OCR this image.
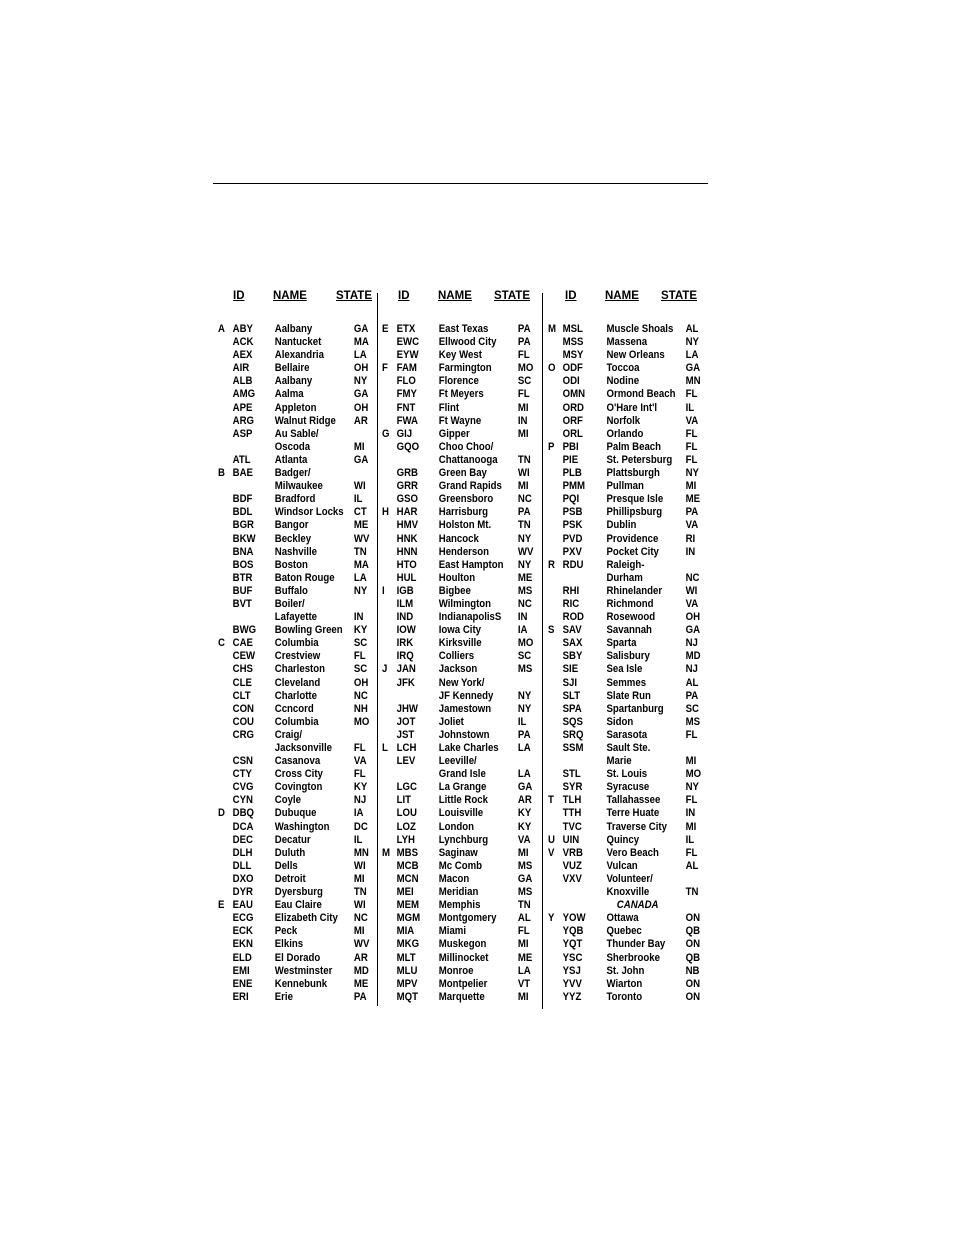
ID NAME	STATE
A ABY Aalbany	GA
ACK Nantucket	MA
AEX Alexandria	LA
AIR Bellaire	OH
ALB Aalbany	NY
AMG Aalma	GA
APE Appleton	OH
ARG Walnut Ridge AR
ASP Au Sable/
Oscoda	MI
ATL Atlanta	GA
B BAE Badger/
Milwaukee	WI
BDF Bradford	IL
BDL Windsor Locks CT
BGR Bangor	ME
BKW Beckley	WV
BNA Nashville	TN
BOS Boston	MA
BTR Baton Rouge LA
BUF Buffalo	NY
BVT Boiler/
Lafayette	IN
BWG Bowling Green KY
C CAE Columbia	SC
CEW Crestview	FL
CHS Charleston	SC
CLE Cleveland	OH
CLT Charlotte	NC
CON Ccncord	NH
COU Columbia	MO
CRG Craig/
Jacksonville FL
CSN Casanova	VA
CTY Cross City	FL
CVG Covington	KY
CYN Coyle	NJ
D DBQ Dubuque	IA
DCA Washington DC
DEC Decatur	IL
DLH Duluth	MN
DLL Dells	WI
DXO Detroit	MI
DYR Dyersburg	TN
E EAU Eau Claire	WI
ECG Elizabeth City NC
ECK Peck	MI
EKN Elkins	WV
ELD El Dorado	AR
EMI Westminster MD
ENE Kennebunk ME
ERI Erie	PA
ID NAME STATE
E ETX East Texas	PA
EWC Ellwood City PA
EYW Key West	FL
F FAM Farmington MO
FLO Florence	SC
FMY Ft Meyers	FL
FNT Flint	MI
FWA Ft Wayne	IN
G GIJ Gipper	MI
GQO Choo Choo/
Chattanooga TN
GRB Green Bay	WI
GRR Grand Rapids MI
GSO Greensboro NC
H HAR Harrisburg	PA
HMV Holston Mt. TN
HNK Hancock	NY
HNN Henderson	WV
HTO East Hampton NY
HUL Houlton	ME
I IGB Bigbee	MS
ILM Wilmington NC
IND IndianapolisS IN
IOW Iowa City	IA
IRK Kirksville	MO
IRQ Colliers	SC
J JAN Jackson	MS
JFK New York/
JF Kennedy NY
JHW Jamestown NY
JOT Joliet	IL
JST Johnstown	PA
L LCH Lake Charles LA
LEV Leeville/
Grand Isle	LA
LGC La Grange	GA
LIT Little Rock	AR
LOU Louisville	KY
LOZ London	KY
LYH Lynchburg	VA
M MBS Saginaw	MI
MCB Mc Comb	MS
MCN Macon	GA
MEI Meridian	MS
MEM Memphis	TN
MGM Montgomery AL
MIA Miami	FL
MKG Muskegon	MI
MLT Millinocket	ME
MLU Monroe	LA
MPV Montpelier	VT
MQT Marquette	MI
ID NAME STATE
M MSL Muscle Shoals AL
MSS Massena	NY
MSY New Orleans LA
O ODF Toccoa	GA
ODI Nodine	MN
OMN Ormond Beach FL
ORD O'Hare Int'l	IL
ORF Norfolk	VA
ORL Orlando	FL
P PBI Palm Beach FL
PIE	St. Petersburg FL
PLB Plattsburgh NY
PMM Pullman	MI
PQI Presque Isle ME
PSB Phillipsburg PA
PSK Dublin	VA
PVD Providence RI
PXV Pocket City IN
R RDU Raleigh-
Durham	NC
RHI Rhinelander WI
RIC Richmond	VA
ROD Rosewood	OH
S SAV Savannah	GA
SAX Sparta	NJ
SBY Salisbury	MD
SIE	Sea Isle	NJ
SJI	Semmes	AL
SLT Slate Run	PA
SPA Spartanburg SC
SQS Sidon	MS
SRQ Sarasota	FL
SSM Sault Ste.
Marie	MI
STL St. Louis	MO
SYR Syracuse	NY
T TLH Tallahassee FL
TTH Terre Huate IN
TVC Traverse City MI
U UIN Quincy	IL
V VRB Vero Beach FL
VUZ Vulcan	AL
VXV Volunteer/
Knoxville	TN
CANADA
Y YOW Ottawa	ON
YQB Quebec	QB
YQT Thunder Bay ON
YSC Sherbrooke QB
YSJ St. John	NB
YVV Wiarton	ON
YYZ Toronto	ON
